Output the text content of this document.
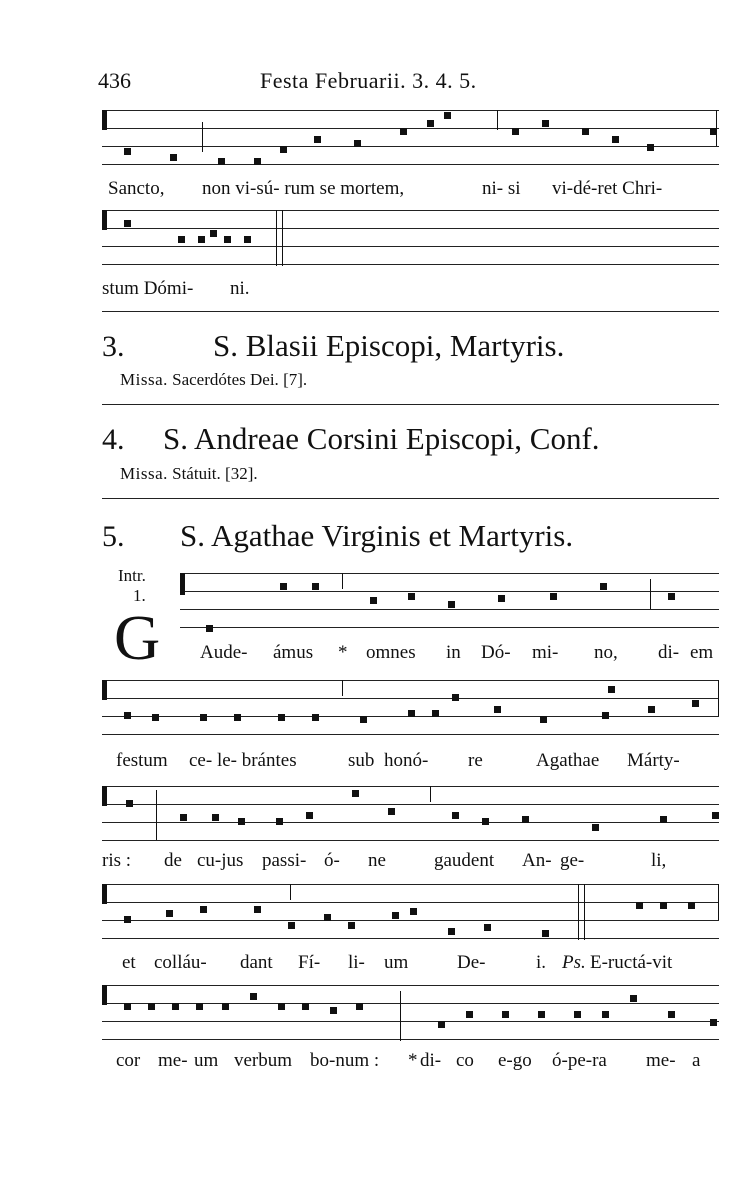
436	Festa Februarii. 3. 4. 5.
Sancto, non vi-sú- rum se mortem,	ni- si vi-dé-ret Chri-
stum Dómi- ni.
3.	S. Blasii Episcopi, Martyris.
Missa. Sacerdótes Dei. [7].
4. S. Andreae Corsini Episcopi, Conf.
Missa. Státuit. [32].
5. S. Agathae Virginis et Martyris.
Intr.
1.
G Aude- ámus * omnes in Dó- mi- no, di- em
festum ce- le- brántes	sub honó- re	Agathae Márty-
ris : de cu-jus passi- ó- ne	gaudent An- ge-	li,
et colláu- dant Fí- li- um	De-	i. Ps. E-ructá-vit
cor me- um verbum bo-num : * di- co e-go ó-pe-ra me- a
